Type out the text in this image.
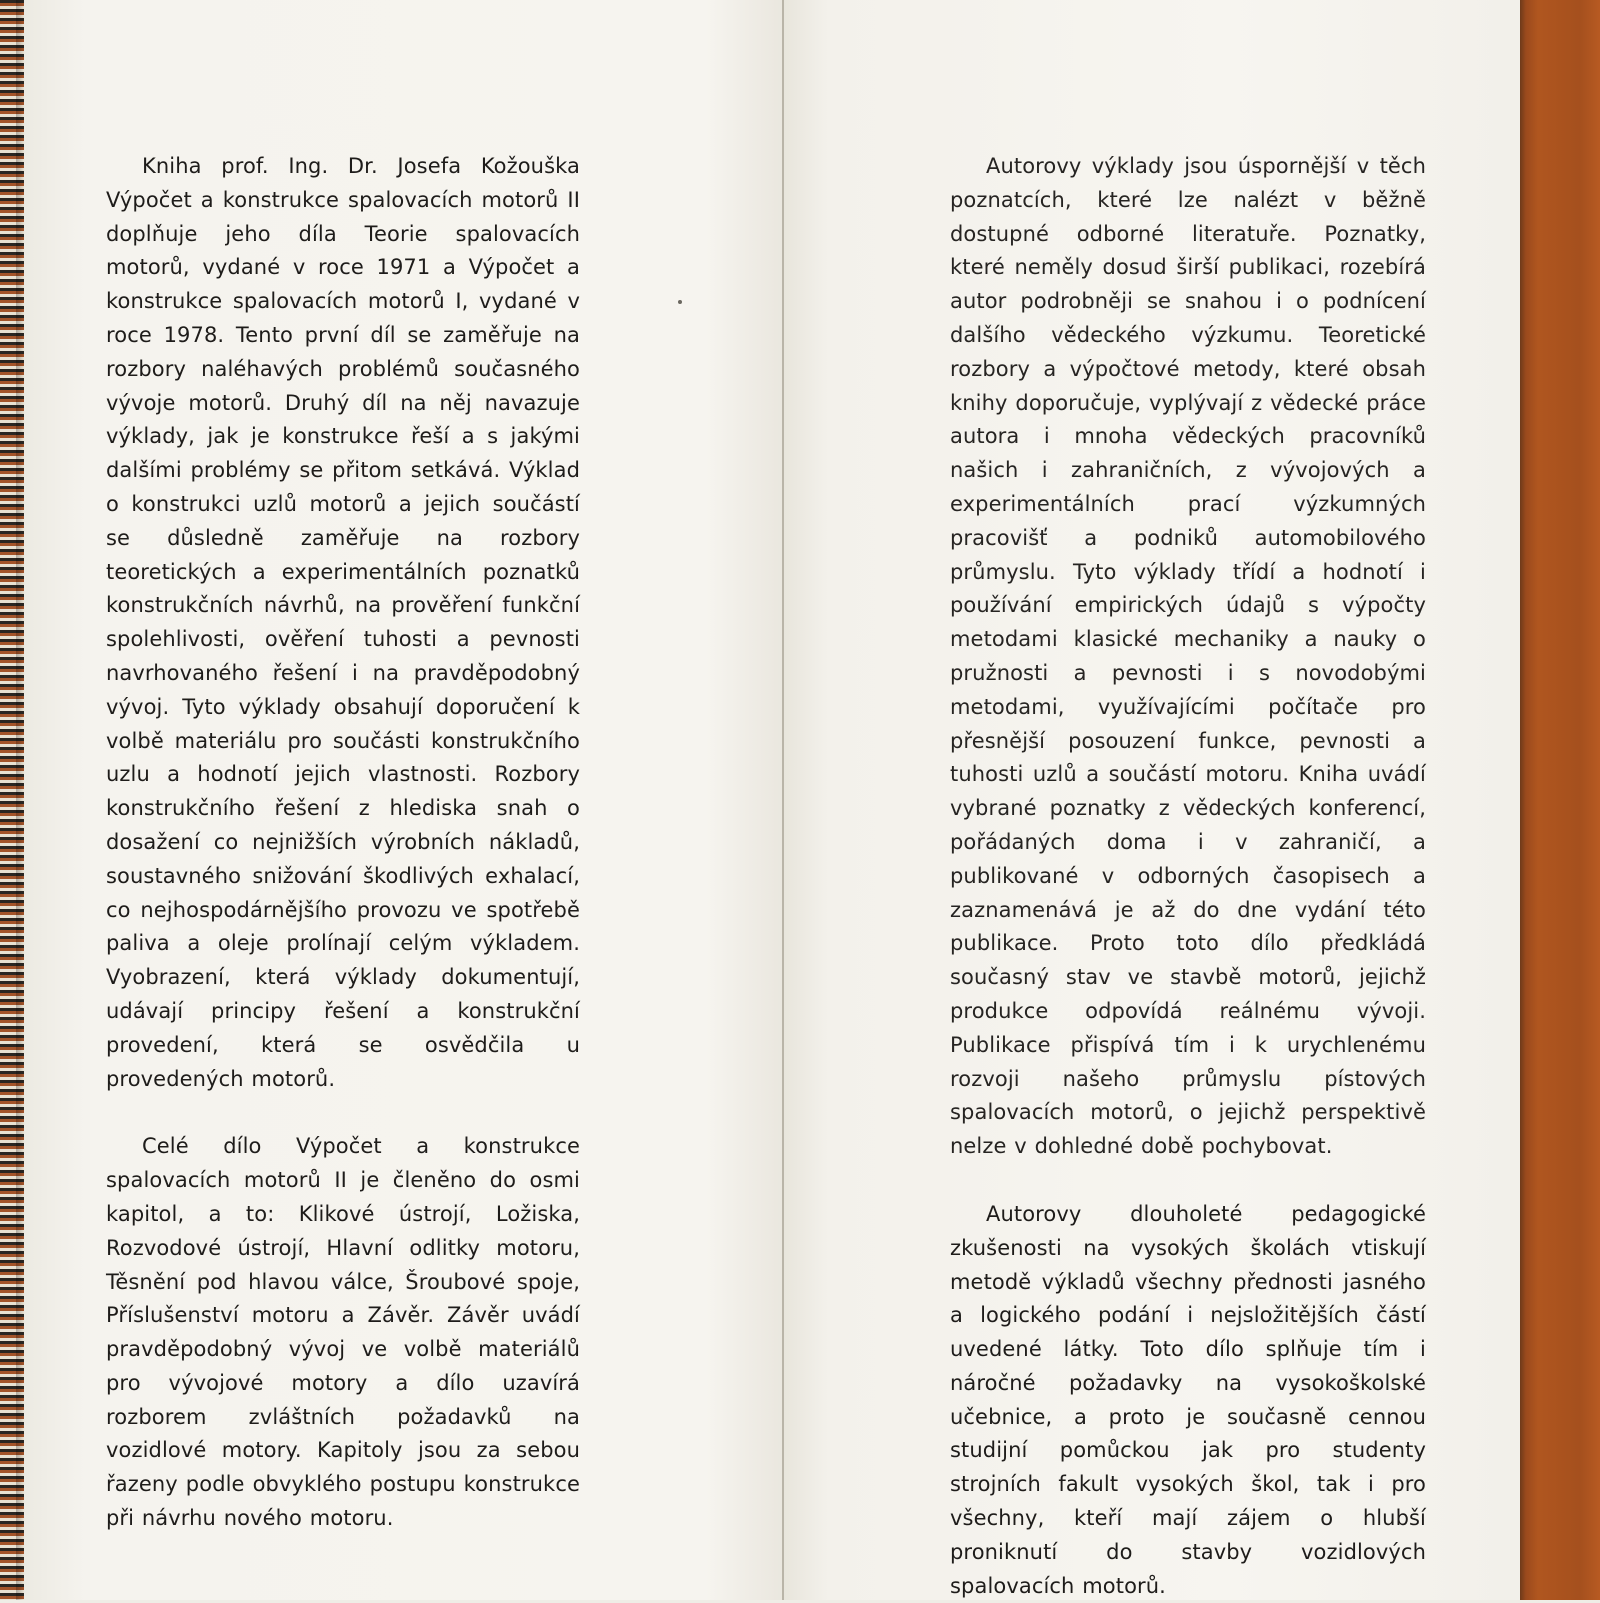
Kniha prof. Ing. Dr. Josefa Kožouška Výpočet a konstrukce spalovacích motorů II doplňuje jeho díla Teorie spalovacích motorů, vydané v roce 1971 a Výpočet a konstrukce spalovacích motorů I, vydané v roce 1978. Tento první díl se zaměřuje na rozbory naléhavých problémů současného vývoje motorů. Druhý díl na něj navazuje výklady, jak je konstrukce řeší a s jakými dalšími problémy se přitom setkává. Výklad o konstrukci uzlů motorů a jejich součástí se důsledně zaměřuje na rozbory teoretických a experimentálních poznatků konstrukčních návrhů, na prověření funkční spolehlivosti, ověření tuhosti a pevnosti navrhovaného řešení i na pravděpodobný vývoj. Tyto výklady obsahují doporučení k volbě materiálu pro součásti konstrukčního uzlu a hodnotí jejich vlastnosti. Rozbory konstrukčního řešení z hlediska snah o dosažení co nejnižších výrobních nákladů, soustavného snižování škodlivých exhalací, co nejhospodárnějšího provozu ve spotřebě paliva a oleje prolínají celým výkladem. Vyobrazení, která výklady dokumentují, udávají principy řešení a konstrukční provedení, která se osvědčila u provedených motorů.

Celé dílo Výpočet a konstrukce spalovacích motorů II je členěno do osmi kapitol, a to: Klikové ústrojí, Ložiska, Rozvodové ústrojí, Hlavní odlitky motoru, Těsnění pod hlavou válce, Šroubové spoje, Příslušenství motoru a Závěr. Závěr uvádí pravděpodobný vývoj ve volbě materiálů pro vývojové motory a dílo uzavírá rozborem zvláštních požadavků na vozidlové motory. Kapitoly jsou za sebou řazeny podle obvyklého postupu konstrukce při návrhu nového motoru.

Autorovy výklady jsou úspornější v těch poznatcích, které lze nalézt v běžně dostupné odborné literatuře. Poznatky, které neměly dosud širší publikaci, rozebírá autor podrobněji se snahou i o podnícení dalšího vědeckého výzkumu. Teoretické rozbory a výpočtové metody, které obsah knihy doporučuje, vyplývají z vědecké práce autora i mnoha vědeckých pracovníků našich i zahraničních, z vývojových a experimentálních prací výzkumných pracovišť a podniků automobilového průmyslu. Tyto výklady třídí a hodnotí i používání empirických údajů s výpočty metodami klasické mechaniky a nauky o pružnosti a pevnosti i s novodobými metodami, využívajícími počítače pro přesnější posouzení funkce, pevnosti a tuhosti uzlů a součástí motoru. Kniha uvádí vybrané poznatky z vědeckých konferencí, pořádaných doma i v zahraničí, a publikované v odborných časopisech a zaznamenává je až do dne vydání této publikace. Proto toto dílo předkládá současný stav ve stavbě motorů, jejichž produkce odpovídá reálnému vývoji. Publikace přispívá tím i k urychlenému rozvoji našeho průmyslu pístových spalovacích motorů, o jejichž perspektivě nelze v dohledné době pochybovat.

Autorovy dlouholeté pedagogické zkušenosti na vysokých školách vtiskují metodě výkladů všechny přednosti jasného a logického podání i nejsložitějších částí uvedené látky. Toto dílo splňuje tím i náročné požadavky na vysokoškolské učebnice, a proto je současně cennou studijní pomůckou jak pro studenty strojních fakult vysokých škol, tak i pro všechny, kteří mají zájem o hlubší proniknutí do stavby vozidlových spalovacích motorů.
